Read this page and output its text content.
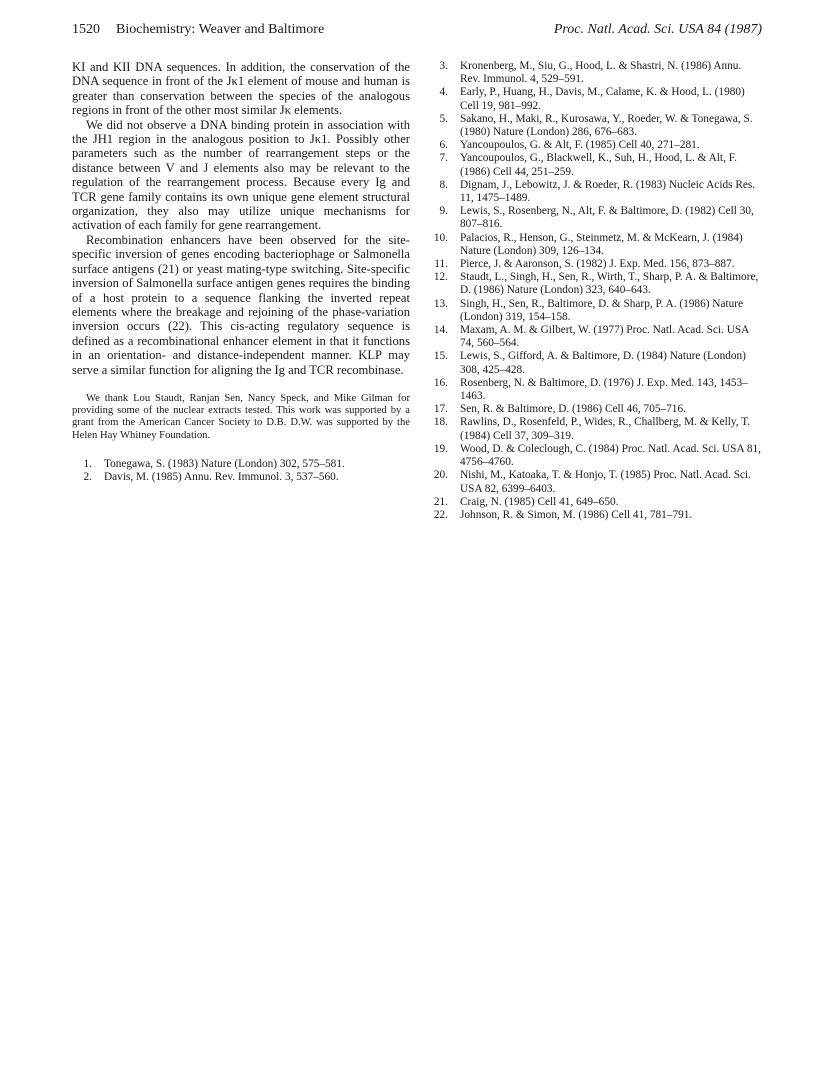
1520 Biochemistry: Weaver and Baltimore	Proc. Natl. Acad. Sci. USA 84 (1987)

KI and KII DNA sequences. In addition, the conservation of the DNA sequence in front of the Jκ1 element of mouse and human is greater than conservation between the species of the analogous regions in front of the other most similar Jκ elements.

We did not observe a DNA binding protein in association with the JH1 region in the analogous position to Jκ1. Possibly other parameters such as the number of rearrangement steps or the distance between V and J elements also may be relevant to the regulation of the rearrangement process. Because every Ig and TCR gene family contains its own unique gene element structural organization, they also may utilize unique mechanisms for activation of each family for gene rearrangement.

Recombination enhancers have been observed for the site-specific inversion of genes encoding bacteriophage or Salmonella surface antigens (21) or yeast mating-type switching. Site-specific inversion of Salmonella surface antigen genes requires the binding of a host protein to a sequence flanking the inverted repeat elements where the breakage and rejoining of the phase-variation inversion occurs (22). This cis-acting regulatory sequence is defined as a recombinational enhancer element in that it functions in an orientation- and distance-independent manner. KLP may serve a similar function for aligning the Ig and TCR recombinase.

We thank Lou Staudt, Ranjan Sen, Nancy Speck, and Mike Gilman for providing some of the nuclear extracts tested. This work was supported by a grant from the American Cancer Society to D.B. D.W. was supported by the Helen Hay Whitney Foundation.

1. Tonegawa, S. (1983) Nature (London) 302, 575–581.
2. Davis, M. (1985) Annu. Rev. Immunol. 3, 537–560.
3. Kronenberg, M., Siu, G., Hood, L. & Shastri, N. (1986) Annu. Rev. Immunol. 4, 529–591.
4. Early, P., Huang, H., Davis, M., Calame, K. & Hood, L. (1980) Cell 19, 981–992.
5. Sakano, H., Maki, R., Kurosawa, Y., Roeder, W. & Tonegawa, S. (1980) Nature (London) 286, 676–683.
6. Yancoupoulos, G. & Alt, F. (1985) Cell 40, 271–281.
7. Yancoupoulos, G., Blackwell, K., Suh, H., Hood, L. & Alt, F. (1986) Cell 44, 251–259.
8. Dignam, J., Lebowitz, J. & Roeder, R. (1983) Nucleic Acids Res. 11, 1475–1489.
9. Lewis, S., Rosenberg, N., Alt, F. & Baltimore, D. (1982) Cell 30, 807–816.
10. Palacios, R., Henson, G., Steinmetz, M. & McKearn, J. (1984) Nature (London) 309, 126–134.
11. Pierce, J. & Aaronson, S. (1982) J. Exp. Med. 156, 873–887.
12. Staudt, L., Singh, H., Sen, R., Wirth, T., Sharp, P. A. & Baltimore, D. (1986) Nature (London) 323, 640–643.
13. Singh, H., Sen, R., Baltimore, D. & Sharp, P. A. (1986) Nature (London) 319, 154–158.
14. Maxam, A. M. & Gilbert, W. (1977) Proc. Natl. Acad. Sci. USA 74, 560–564.
15. Lewis, S., Gifford, A. & Baltimore, D. (1984) Nature (London) 308, 425–428.
16. Rosenberg, N. & Baltimore, D. (1976) J. Exp. Med. 143, 1453–1463.
17. Sen, R. & Baltimore, D. (1986) Cell 46, 705–716.
18. Rawlins, D., Rosenfeld, P., Wides, R., Challberg, M. & Kelly, T. (1984) Cell 37, 309–319.
19. Wood, D. & Coleclough, C. (1984) Proc. Natl. Acad. Sci. USA 81, 4756–4760.
20. Nishi, M., Katoaka, T. & Honjo, T. (1985) Proc. Natl. Acad. Sci. USA 82, 6399–6403.
21. Craig, N. (1985) Cell 41, 649–650.
22. Johnson, R. & Simon, M. (1986) Cell 41, 781–791.
